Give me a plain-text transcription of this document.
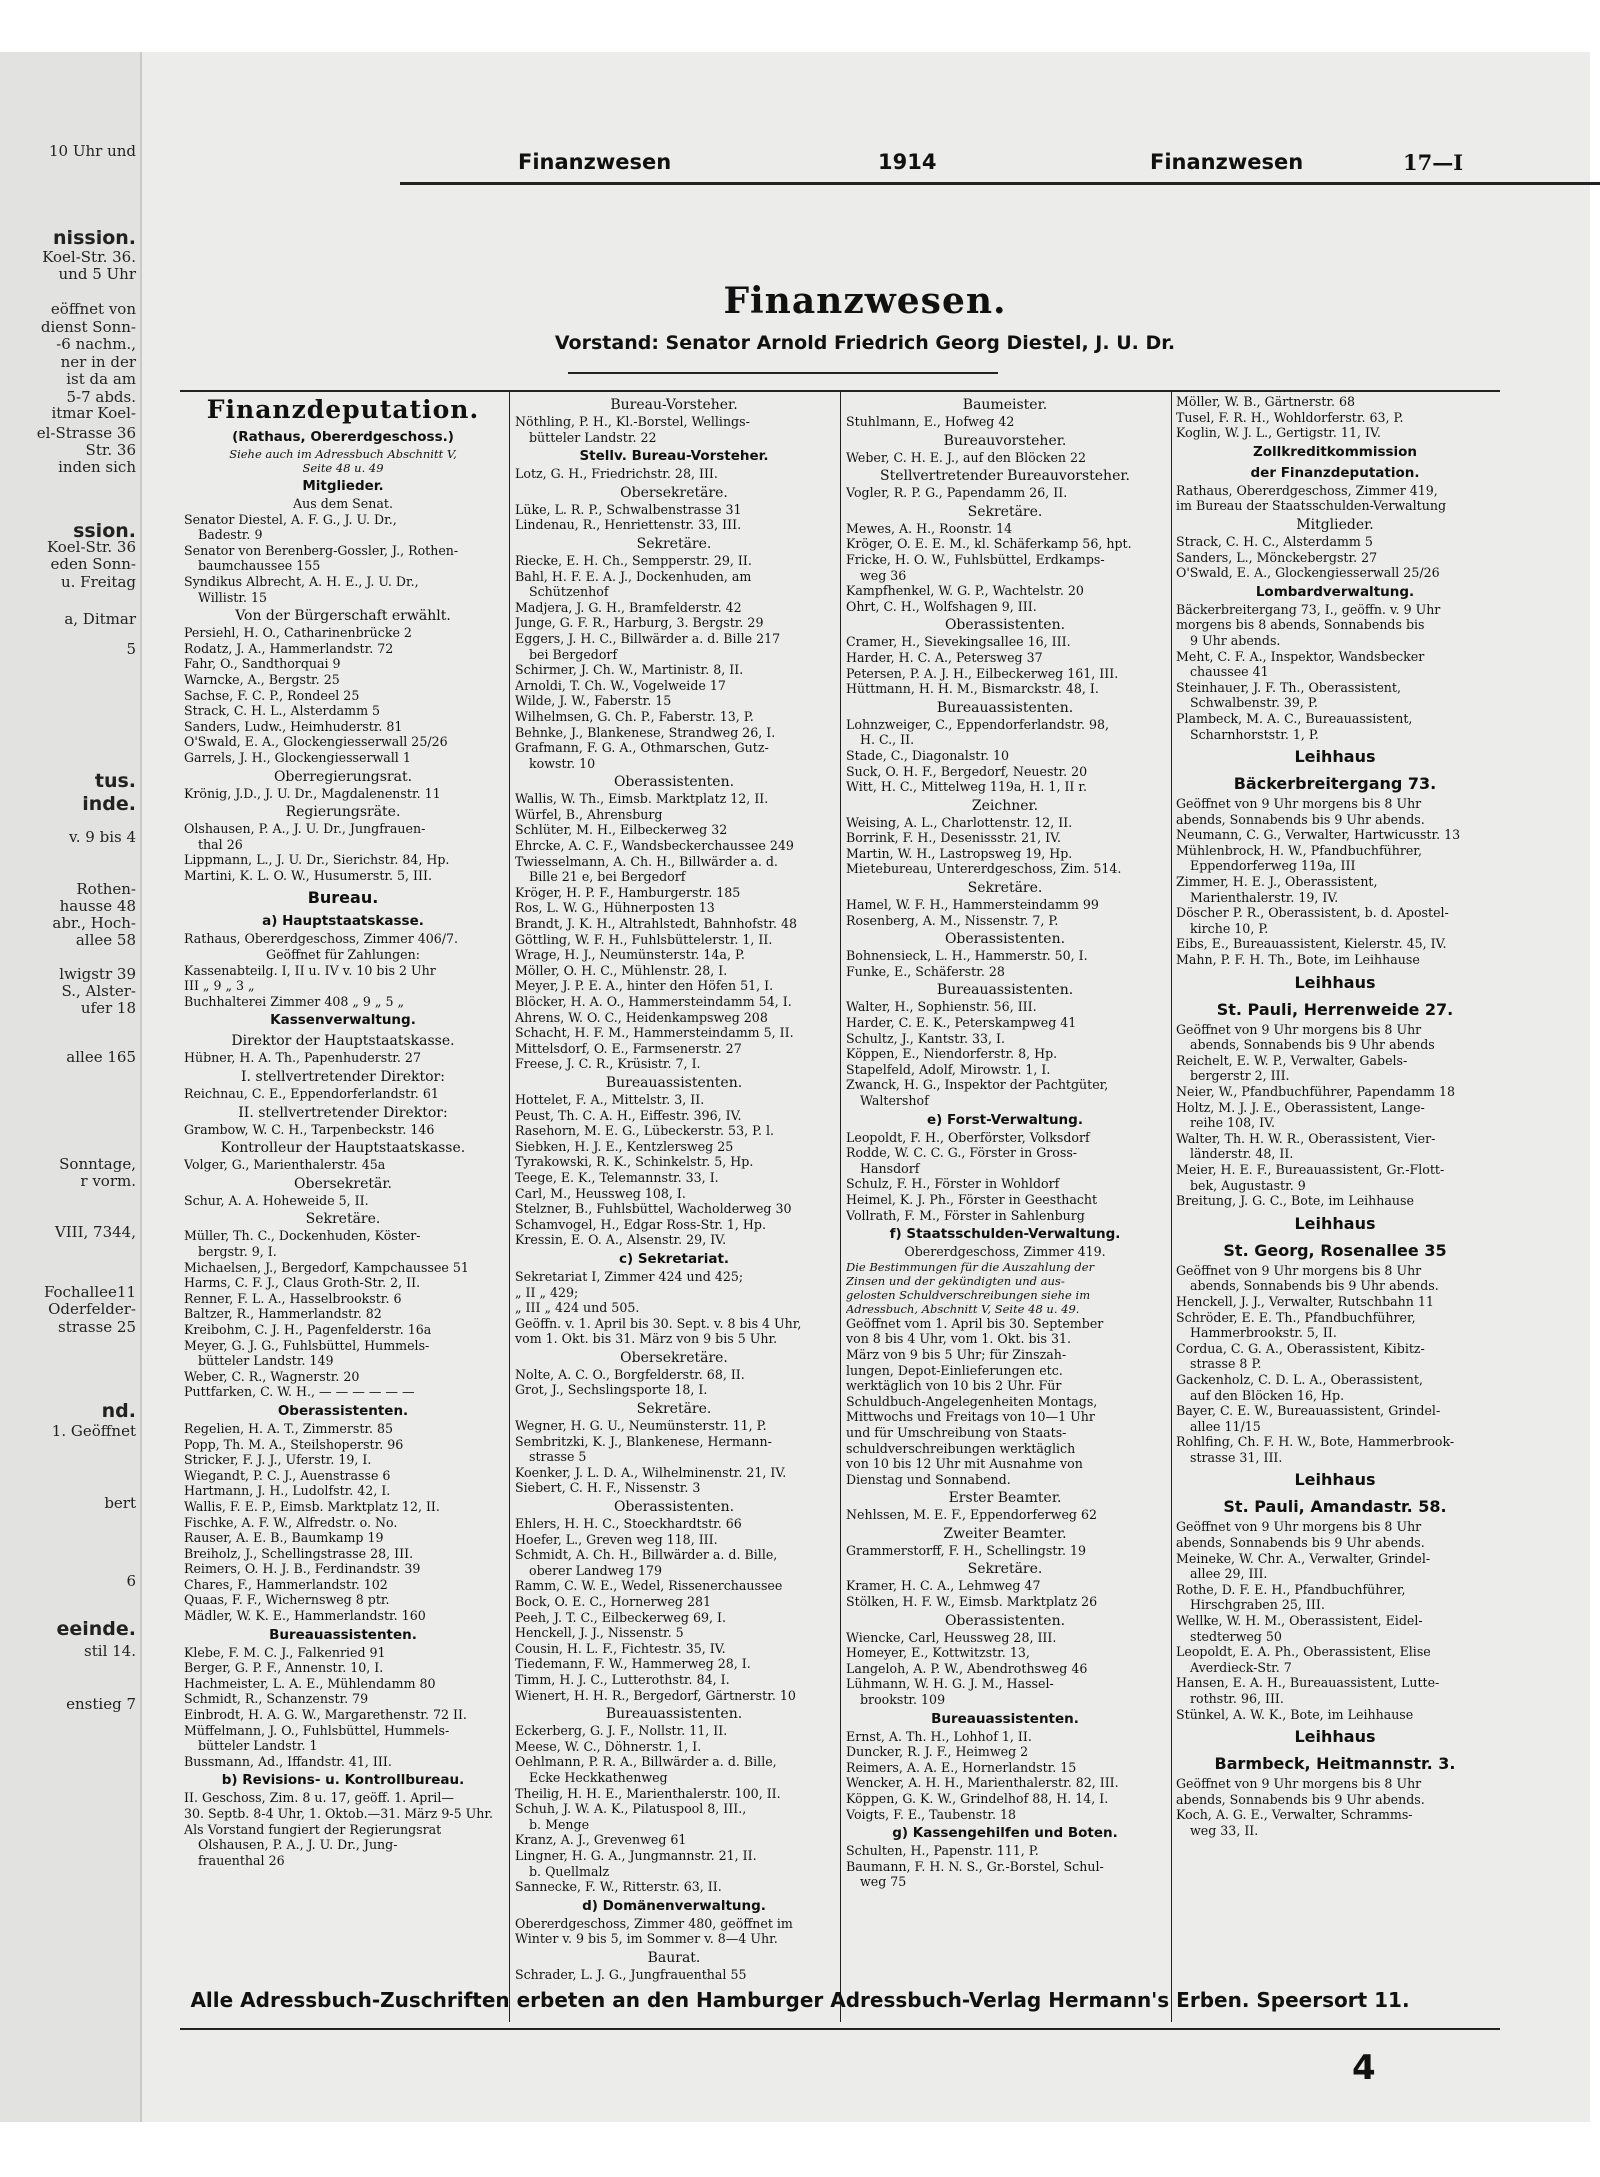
10 Uhr und
nission.
Koel-Str. 36.
und 5 Uhr
eöffnet von
dienst Sonn-
-6 nachm.,
ner in der
ist da am
5-7 abds.
itmar Koel-
el-Strasse 36
Str. 36
inden sich
ssion.
Koel-Str. 36
eden Sonn-
u. Freitag
a, Ditmar
5
tus.
inde.
v. 9 bis 4
Rothen-
hausse 48
abr., Hoch-
allee 58
lwigstr 39
S., Alster-
ufer 18
allee 165
Sonntage,
r vorm.
VIII, 7344,
Fochallee11
Oderfelder-
strasse 25
nd.
1. Geöffnet
bert
6
eeinde.
stil 14.
enstieg 7
Finanzwesen	1914	Finanzwesen	17—I
Finanzwesen.
Vorstand: Senator Arnold Friedrich Georg Diestel, J. U. Dr.
Finanzdeputation.
(Rathaus, Obererdgeschoss.)
Siehe auch im Adressbuch Abschnitt V,
Seite 48 u. 49
Mitglieder.
Aus dem Senat.
Senator Diestel, A. F. G., J. U. Dr.,
Badestr. 9
Senator von Berenberg-Gossler, J., Rothen-
baumchaussee 155
Syndikus Albrecht, A. H. E., J. U. Dr.,
Willistr. 15
Von der Bürgerschaft erwählt.
Persiehl, H. O., Catharinenbrücke 2
Rodatz, J. A., Hammerlandstr. 72
Fahr, O., Sandthorquai 9
Warncke, A., Bergstr. 25
Sachse, F. C. P., Rondeel 25
Strack, C. H. L., Alsterdamm 5
Sanders, Ludw., Heimhuderstr. 81
O'Swald, E. A., Glockengiesserwall 25/26
Garrels, J. H., Glockengiesserwall 1
Oberregierungsrat.
Krönig, J.D., J. U. Dr., Magdalenenstr. 11
Regierungsräte.
Olshausen, P. A., J. U. Dr., Jungfrauen-
thal 26
Lippmann, L., J. U. Dr., Sierichstr. 84, Hp.
Martini, K. L. O. W., Husumerstr. 5, III.
Bureau.
a) Hauptstaatskasse.
Rathaus, Obererdgeschoss, Zimmer 406/7.
Geöffnet für Zahlungen:
Kassenabteilg. I, II u. IV v. 10 bis 2 Uhr
III „ 9 „ 3 „
Buchhalterei Zimmer 408 „ 9 „ 5 „
Kassenverwaltung.
Direktor der Hauptstaatskasse.
Hübner, H. A. Th., Papenhuderstr. 27
I. stellvertretender Direktor:
Reichnau, C. E., Eppendorferlandstr. 61
II. stellvertretender Direktor:
Grambow, W. C. H., Tarpenbeckstr. 146
Kontrolleur der Hauptstaatskasse.
Volger, G., Marienthalerstr. 45a
Obersekretär.
Schur, A. A. Hoheweide 5, II.
Sekretäre.
Müller, Th. C., Dockenhuden, Köster-
bergstr. 9, I.
Michaelsen, J., Bergedorf, Kampchaussee 51
Harms, C. F. J., Claus Groth-Str. 2, II.
Renner, F. L. A., Hasselbrookstr. 6
Baltzer, R., Hammerlandstr. 82
Kreibohm, C. J. H., Pagenfelderstr. 16a
Meyer, G. J. G., Fuhlsbüttel, Hummels-
bütteler Landstr. 149
Weber, C. R., Wagnerstr. 20
Puttfarken, C. W. H., — — — — — —
Oberassistenten.
Regelien, H. A. T., Zimmerstr. 85
Popp, Th. M. A., Steilshoperstr. 96
Stricker, F. J. J., Uferstr. 19, I.
Wiegandt, P. C. J., Auenstrasse 6
Hartmann, J. H., Ludolfstr. 42, I.
Wallis, F. E. P., Eimsb. Marktplatz 12, II.
Fischke, A. F. W., Alfredstr. o. No.
Rauser, A. E. B., Baumkamp 19
Breiholz, J., Schellingstrasse 28, III.
Reimers, O. H. J. B., Ferdinandstr. 39
Chares, F., Hammerlandstr. 102
Quaas, F. F., Wichernsweg 8 ptr.
Mädler, W. K. E., Hammerlandstr. 160
Bureauassistenten.
Klebe, F. M. C. J., Falkenried 91
Berger, G. P. F., Annenstr. 10, I.
Hachmeister, L. A. E., Mühlendamm 80
Schmidt, R., Schanzenstr. 79
Einbrodt, H. A. G. W., Margarethenstr. 72 II.
Müffelmann, J. O., Fuhlsbüttel, Hummels-
bütteler Landstr. 1
Bussmann, Ad., Iffandstr. 41, III.
b) Revisions- u. Kontrollbureau.
II. Geschoss, Zim. 8 u. 17, geöff. 1. April—
30. Septb. 8-4 Uhr, 1. Oktob.—31. März 9-5 Uhr.
Als Vorstand fungiert der Regierungsrat
Olshausen, P. A., J. U. Dr., Jung-
frauenthal 26
Bureau-Vorsteher.
Nöthling, P. H., Kl.-Borstel, Wellings-
bütteler Landstr. 22
Stellv. Bureau-Vorsteher.
Lotz, G. H., Friedrichstr. 28, III.
Obersekretäre.
Lüke, L. R. P., Schwalbenstrasse 31
Lindenau, R., Henriettenstr. 33, III.
Sekretäre.
Riecke, E. H. Ch., Sempperstr. 29, II.
Bahl, H. F. E. A. J., Dockenhuden, am
Schützenhof
Madjera, J. G. H., Bramfelderstr. 42
Junge, G. F. R., Harburg, 3. Bergstr. 29
Eggers, J. H. C., Billwärder a. d. Bille 217
bei Bergedorf
Schirmer, J. Ch. W., Martinistr. 8, II.
Arnoldi, T. Ch. W., Vogelweide 17
Wilde, J. W., Faberstr. 15
Wilhelmsen, G. Ch. P., Faberstr. 13, P.
Behnke, J., Blankenese, Strandweg 26, I.
Grafmann, F. G. A., Othmarschen, Gutz-
kowstr. 10
Oberassistenten.
Wallis, W. Th., Eimsb. Marktplatz 12, II.
Würfel, B., Ahrensburg
Schlüter, M. H., Eilbeckerweg 32
Ehrcke, A. C. F., Wandsbeckerchaussee 249
Twiesselmann, A. Ch. H., Billwärder a. d.
Bille 21 e, bei Bergedorf
Kröger, H. P. F., Hamburgerstr. 185
Ros, L. W. G., Hühnerposten 13
Brandt, J. K. H., Altrahlstedt, Bahnhofstr. 48
Göttling, W. F. H., Fuhlsbüttelerstr. 1, II.
Wrage, H. J., Neumünsterstr. 14a, P.
Möller, O. H. C., Mühlenstr. 28, I.
Meyer, J. P. E. A., hinter den Höfen 51, I.
Blöcker, H. A. O., Hammersteindamm 54, I.
Ahrens, W. O. C., Heidenkampsweg 208
Schacht, H. F. M., Hammersteindamm 5, II.
Mittelsdorf, O. E., Farmsenerstr. 27
Freese, J. C. R., Krüsistr. 7, I.
Bureauassistenten.
Hottelet, F. A., Mittelstr. 3, II.
Peust, Th. C. A. H., Eiffestr. 396, IV.
Rasehorn, M. E. G., Lübeckerstr. 53, P. l.
Siebken, H. J. E., Kentzlersweg 25
Tyrakowski, R. K., Schinkelstr. 5, Hp.
Teege, E. K., Telemannstr. 33, I.
Carl, M., Heussweg 108, I.
Stelzner, B., Fuhlsbüttel, Wacholderweg 30
Schamvogel, H., Edgar Ross-Str. 1, Hp.
Kressin, E. O. A., Alsenstr. 29, IV.
c) Sekretariat.
Sekretariat I, Zimmer 424 und 425;
„ II „ 429;
„ III „ 424 und 505.
Geöffn. v. 1. April bis 30. Sept. v. 8 bis 4 Uhr,
vom 1. Okt. bis 31. März von 9 bis 5 Uhr.
Obersekretäre.
Nolte, A. C. O., Borgfelderstr. 68, II.
Grot, J., Sechslingsporte 18, I.
Sekretäre.
Wegner, H. G. U., Neumünsterstr. 11, P.
Sembritzki, K. J., Blankenese, Hermann-
strasse 5
Koenker, J. L. D. A., Wilhelminenstr. 21, IV.
Siebert, C. H. F., Nissenstr. 3
Oberassistenten.
Ehlers, H. H. C., Stoeckhardtstr. 66
Hoefer, L., Greven weg 118, III.
Schmidt, A. Ch. H., Billwärder a. d. Bille,
oberer Landweg 179
Ramm, C. W. E., Wedel, Rissenerchaussee
Bock, O. E. C., Hornerweg 281
Peeh, J. T. C., Eilbeckerweg 69, I.
Henckell, J. J., Nissenstr. 5
Cousin, H. L. F., Fichtestr. 35, IV.
Tiedemann, F. W., Hammerweg 28, I.
Timm, H. J. C., Lutterothstr. 84, I.
Wienert, H. H. R., Bergedorf, Gärtnerstr. 10
Bureauassistenten.
Eckerberg, G. J. F., Nollstr. 11, II.
Meese, W. C., Döhnerstr. 1, I.
Oehlmann, P. R. A., Billwärder a. d. Bille,
Ecke Heckkathenweg
Theilig, H. H. E., Marienthalerstr. 100, II.
Schuh, J. W. A. K., Pilatuspool 8, III.,
b. Menge
Kranz, A. J., Grevenweg 61
Lingner, H. G. A., Jungmannstr. 21, II.
b. Quellmalz
Sannecke, F. W., Ritterstr. 63, II.
d) Domänenverwaltung.
Obererdgeschoss, Zimmer 480, geöffnet im
Winter v. 9 bis 5, im Sommer v. 8—4 Uhr.
Baurat.
Schrader, L. J. G., Jungfrauenthal 55
Baumeister.
Stuhlmann, E., Hofweg 42
Bureauvorsteher.
Weber, C. H. E. J., auf den Blöcken 22
Stellvertretender Bureauvorsteher.
Vogler, R. P. G., Papendamm 26, II.
Sekretäre.
Mewes, A. H., Roonstr. 14
Kröger, O. E. E. M., kl. Schäferkamp 56, hpt.
Fricke, H. O. W., Fuhlsbüttel, Erdkamps-
weg 36
Kampfhenkel, W. G. P., Wachtelstr. 20
Ohrt, C. H., Wolfshagen 9, III.
Oberassistenten.
Cramer, H., Sievekingsallee 16, III.
Harder, H. C. A., Petersweg 37
Petersen, P. A. J. H., Eilbeckerweg 161, III.
Hüttmann, H. H. M., Bismarckstr. 48, I.
Bureauassistenten.
Lohnzweiger, C., Eppendorferlandstr. 98,
H. C., II.
Stade, C., Diagonalstr. 10
Suck, O. H. F., Bergedorf, Neuestr. 20
Witt, H. C., Mittelweg 119a, H. 1, II r.
Zeichner.
Weising, A. L., Charlottenstr. 12, II.
Borrink, F. H., Desenissstr. 21, IV.
Martin, W. H., Lastropsweg 19, Hp.
Mietebureau, Untererdgeschoss, Zim. 514.
Sekretäre.
Hamel, W. F. H., Hammersteindamm 99
Rosenberg, A. M., Nissenstr. 7, P.
Oberassistenten.
Bohnensieck, L. H., Hammerstr. 50, I.
Funke, E., Schäferstr. 28
Bureauassistenten.
Walter, H., Sophienstr. 56, III.
Harder, C. E. K., Peterskampweg 41
Schultz, J., Kantstr. 33, I.
Köppen, E., Niendorferstr. 8, Hp.
Stapelfeld, Adolf, Mirowstr. 1, I.
Zwanck, H. G., Inspektor der Pachtgüter,
Waltershof
e) Forst-Verwaltung.
Leopoldt, F. H., Oberförster, Volksdorf
Rodde, W. C. C. G., Förster in Gross-
Hansdorf
Schulz, F. H., Förster in Wohldorf
Heimel, K. J. Ph., Förster in Geesthacht
Vollrath, F. M., Förster in Sahlenburg
f) Staatsschulden-Verwaltung.
Obererdgeschoss, Zimmer 419.
Die Bestimmungen für die Auszahlung der
Zinsen und der gekündigten und aus-
gelosten Schuldverschreibungen siehe im
Adressbuch, Abschnitt V, Seite 48 u. 49.
Geöffnet vom 1. April bis 30. September
von 8 bis 4 Uhr, vom 1. Okt. bis 31.
März von 9 bis 5 Uhr; für Zinszah-
lungen, Depot-Einlieferungen etc.
werktäglich von 10 bis 2 Uhr. Für
Schuldbuch-Angelegenheiten Montags,
Mittwochs und Freitags von 10—1 Uhr
und für Umschreibung von Staats-
schuldverschreibungen werktäglich
von 10 bis 12 Uhr mit Ausnahme von
Dienstag und Sonnabend.
Erster Beamter.
Nehlssen, M. E. F., Eppendorferweg 62
Zweiter Beamter.
Grammerstorff, F. H., Schellingstr. 19
Sekretäre.
Kramer, H. C. A., Lehmweg 47
Stölken, H. F. W., Eimsb. Marktplatz 26
Oberassistenten.
Wiencke, Carl, Heussweg 28, III.
Homeyer, E., Kottwitzstr. 13,
Langeloh, A. P. W., Abendrothsweg 46
Lühmann, W. H. G. J. M., Hassel-
brookstr. 109
Bureauassistenten.
Ernst, A. Th. H., Lohhof 1, II.
Duncker, R. J. F., Heimweg 2
Reimers, A. A. E., Hornerlandstr. 15
Wencker, A. H. H., Marienthalerstr. 82, III.
Köppen, G. K. W., Grindelhof 88, H. 14, I.
Voigts, F. E., Taubenstr. 18
g) Kassengehilfen und Boten.
Schulten, H., Papenstr. 111, P.
Baumann, F. H. N. S., Gr.-Borstel, Schul-
weg 75
Möller, W. B., Gärtnerstr. 68
Tusel, F. R. H., Wohldorferstr. 63, P.
Koglin, W. J. L., Gertigstr. 11, IV.
Zollkreditkommission
der Finanzdeputation.
Rathaus, Obererdgeschoss, Zimmer 419,
im Bureau der Staatsschulden-Verwaltung
Mitglieder.
Strack, C. H. C., Alsterdamm 5
Sanders, L., Mönckebergstr. 27
O'Swald, E. A., Glockengiesserwall 25/26
Lombardverwaltung.
Bäckerbreitergang 73, I., geöffn. v. 9 Uhr
morgens bis 8 abends, Sonnabends bis
9 Uhr abends.
Meht, C. F. A., Inspektor, Wandsbecker
chaussee 41
Steinhauer, J. F. Th., Oberassistent,
Schwalbenstr. 39, P.
Plambeck, M. A. C., Bureauassistent,
Scharnhorststr. 1, P.
Leihhaus
Bäckerbreitergang 73.
Geöffnet von 9 Uhr morgens bis 8 Uhr
abends, Sonnabends bis 9 Uhr abends.
Neumann, C. G., Verwalter, Hartwicusstr. 13
Mühlenbrock, H. W., Pfandbuchführer,
Eppendorferweg 119a, III
Zimmer, H. E. J., Oberassistent,
Marienthalerstr. 19, IV.
Döscher P. R., Oberassistent, b. d. Apostel-
kirche 10, P.
Eibs, E., Bureauassistent, Kielerstr. 45, IV.
Mahn, P. F. H. Th., Bote, im Leihhause
Leihhaus
St. Pauli, Herrenweide 27.
Geöffnet von 9 Uhr morgens bis 8 Uhr
abends, Sonnabends bis 9 Uhr abends
Reichelt, E. W. P., Verwalter, Gabels-
bergerstr 2, III.
Neier, W., Pfandbuchführer, Papendamm 18
Holtz, M. J. J. E., Oberassistent, Lange-
reihe 108, IV.
Walter, Th. H. W. R., Oberassistent, Vier-
länderstr. 48, II.
Meier, H. E. F., Bureauassistent, Gr.-Flott-
bek, Augustastr. 9
Breitung, J. G. C., Bote, im Leihhause
Leihhaus
St. Georg, Rosenallee 35
Geöffnet von 9 Uhr morgens bis 8 Uhr
abends, Sonnabends bis 9 Uhr abends.
Henckell, J. J., Verwalter, Rutschbahn 11
Schröder, E. E. Th., Pfandbuchführer,
Hammerbrookstr. 5, II.
Cordua, C. G. A., Oberassistent, Kibitz-
strasse 8 P.
Gackenholz, C. D. L. A., Oberassistent,
auf den Blöcken 16, Hp.
Bayer, C. E. W., Bureauassistent, Grindel-
allee 11/15
Rohlfing, Ch. F. H. W., Bote, Hammerbrook-
strasse 31, III.
Leihhaus
St. Pauli, Amandastr. 58.
Geöffnet von 9 Uhr morgens bis 8 Uhr
abends, Sonnabends bis 9 Uhr abends.
Meineke, W. Chr. A., Verwalter, Grindel-
allee 29, III.
Rothe, D. F. E. H., Pfandbuchführer,
Hirschgraben 25, III.
Wellke, W. H. M., Oberassistent, Eidel-
stedterweg 50
Leopoldt, E. A. Ph., Oberassistent, Elise
Averdieck-Str. 7
Hansen, E. A. H., Bureauassistent, Lutte-
rothstr. 96, III.
Stünkel, A. W. K., Bote, im Leihhause
Leihhaus
Barmbeck, Heitmannstr. 3.
Geöffnet von 9 Uhr morgens bis 8 Uhr
abends, Sonnabends bis 9 Uhr abends.
Koch, A. G. E., Verwalter, Schramms-
weg 33, II.
Alle Adressbuch-Zuschriften erbeten an den Hamburger Adressbuch-Verlag Hermann's Erben. Speersort 11.
4
